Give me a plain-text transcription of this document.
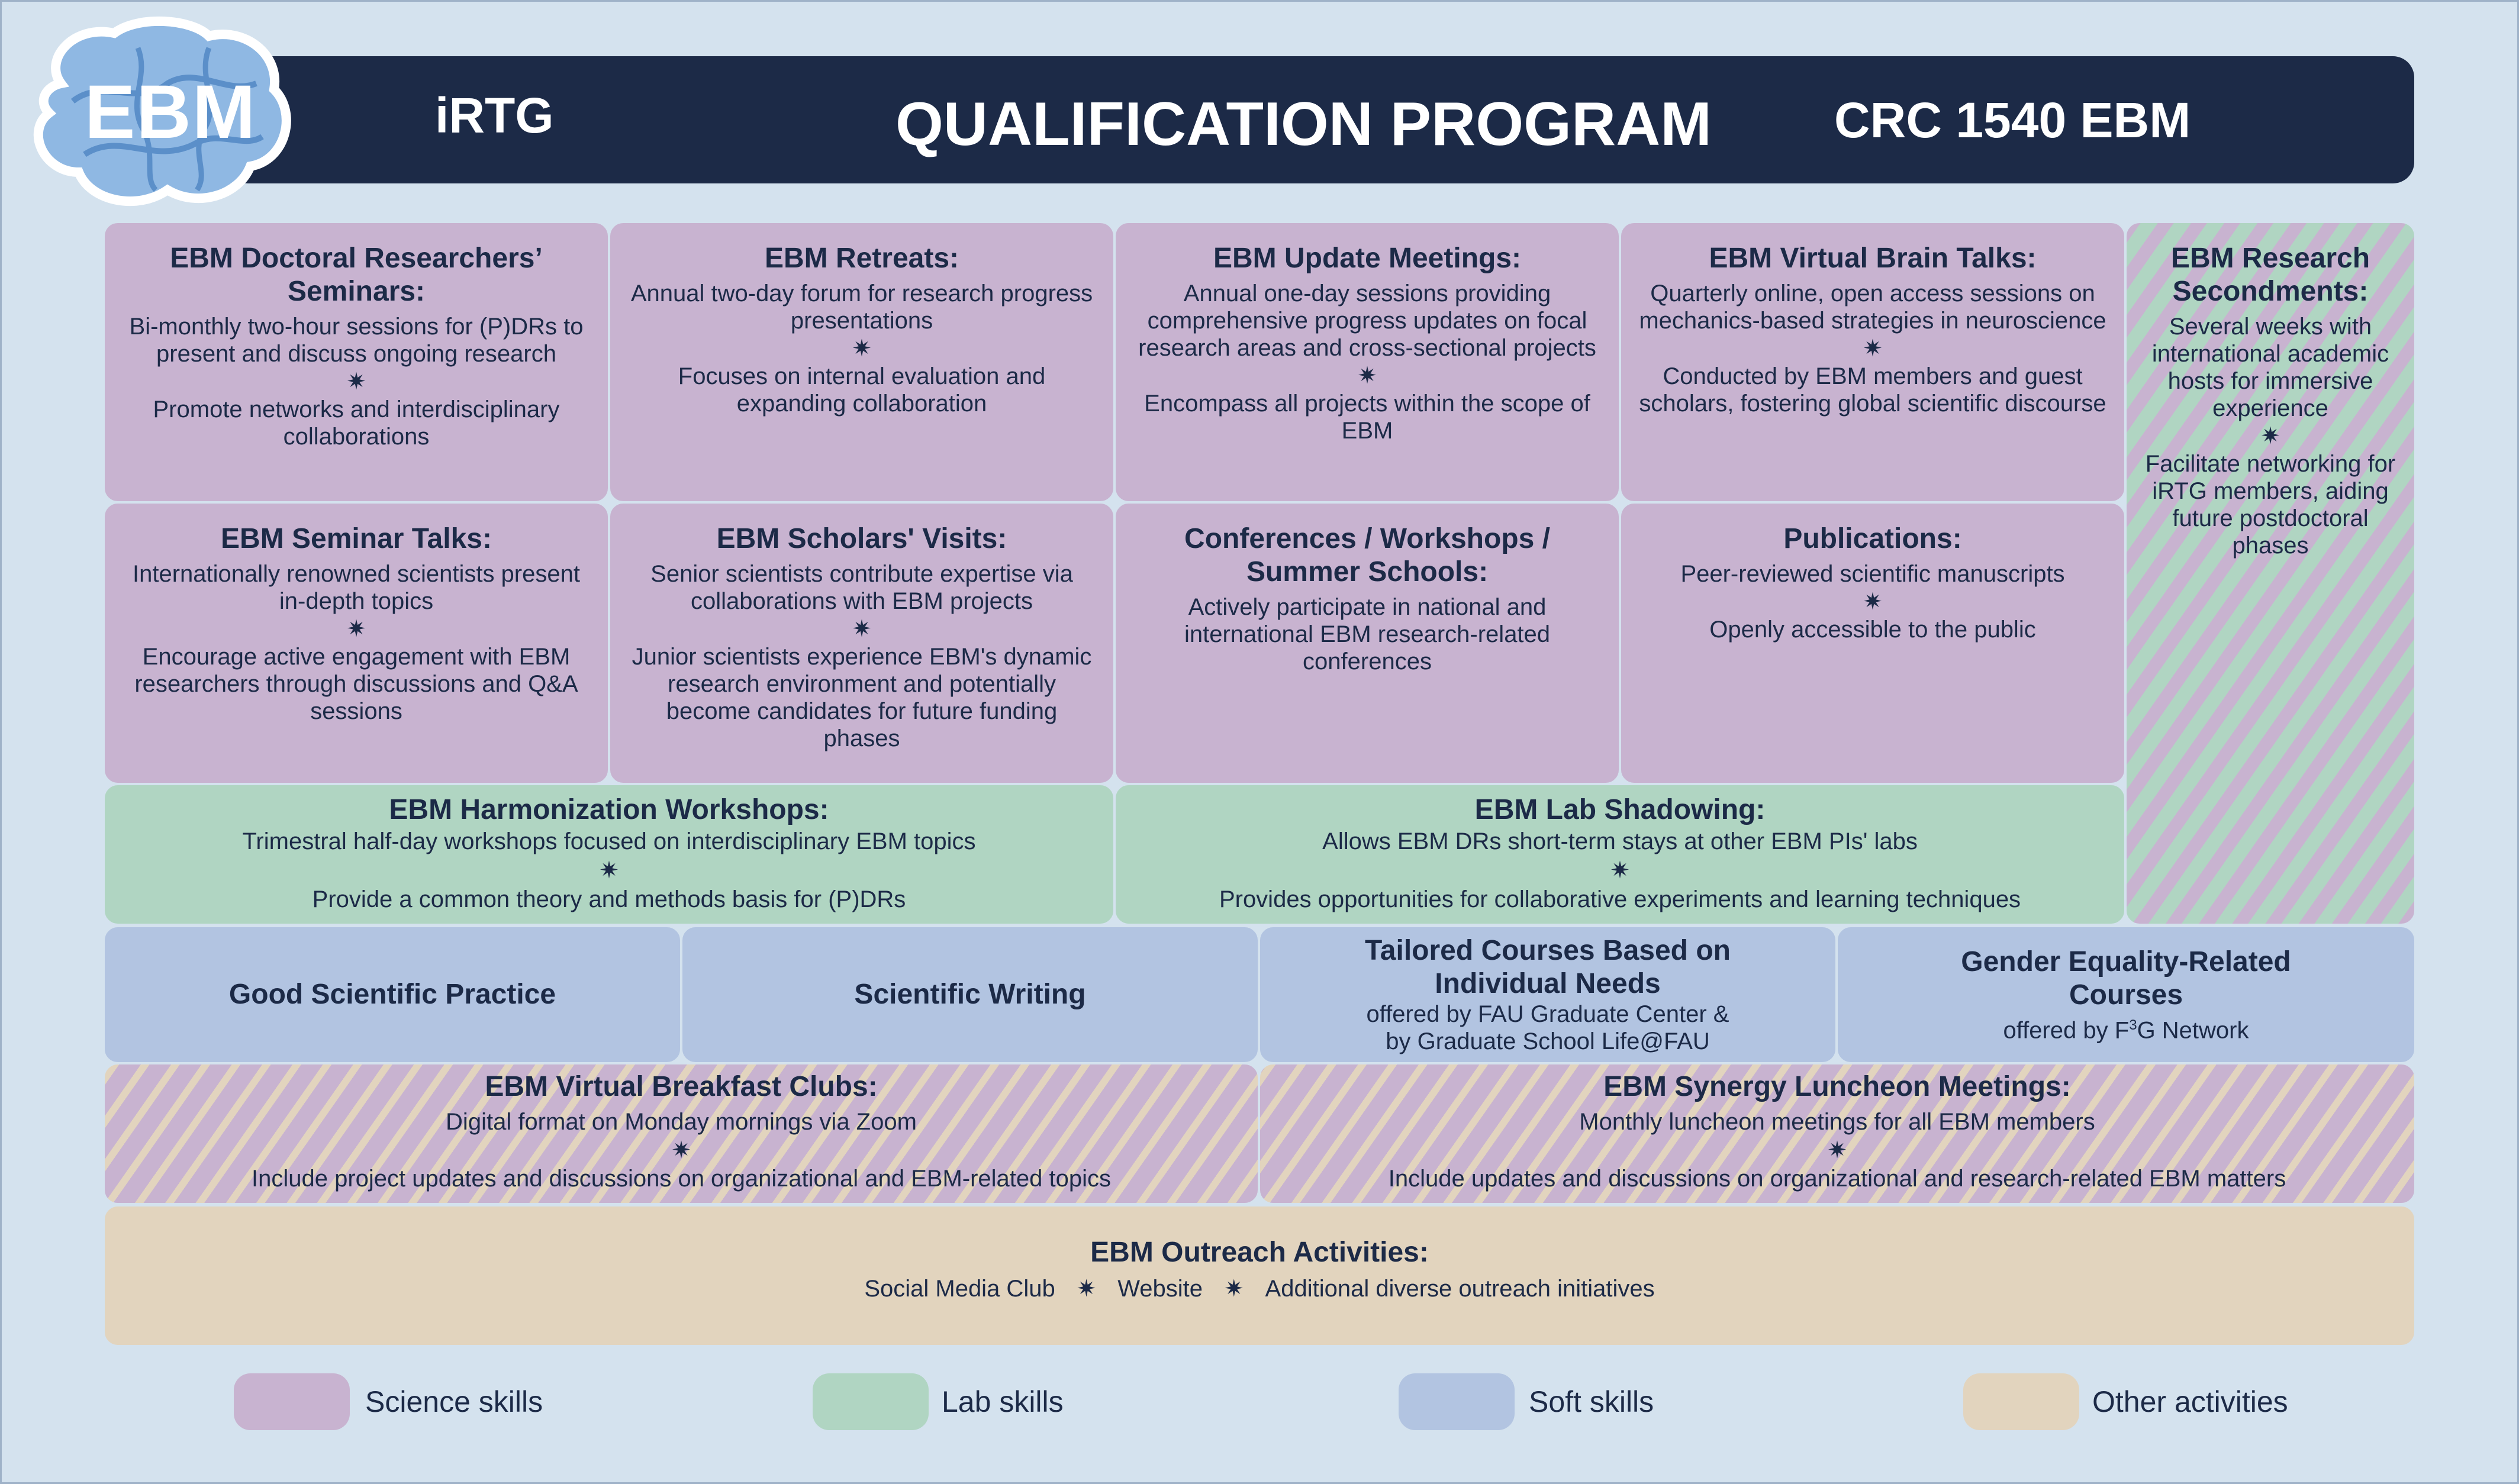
iRTG	QUALIFICATION PROGRAM CRC 1540 EBM
EBM
EBM Doctoral Researchers’ Seminars:
Bi-monthly two-hour sessions for (P)DRs to present and discuss ongoing research
✷
Promote networks and interdisciplinary collaborations
EBM Retreats:
Annual two-day forum for research progress presentations
✷
Focuses on internal evaluation and expanding collaboration
EBM Update Meetings:
Annual one-day sessions providing comprehensive progress updates on focal research areas and cross-sectional projects
✷
Encompass all projects within the scope of EBM
EBM Virtual Brain Talks:
Quarterly online, open access sessions on mechanics-based strategies in neuroscience
✷
Conducted by EBM members and guest scholars, fostering global scientific discourse
EBM Research Secondments:
Several weeks with international academic hosts for immersive experience
✷
Facilitate networking for iRTG members, aiding future postdoctoral phases
EBM Seminar Talks:
Internationally renowned scientists present in-depth topics
✷
Encourage active engagement with EBM researchers through discussions and Q&A sessions
EBM Scholars' Visits:
Senior scientists contribute expertise via collaborations with EBM projects
✷
Junior scientists experience EBM's dynamic research environment and potentially become candidates for future funding phases
Conferences / Workshops / Summer Schools:
Actively participate in national and international EBM research-related conferences
Publications:
Peer-reviewed scientific manuscripts
✷
Openly accessible to the public
EBM Harmonization Workshops:
Trimestral half-day workshops focused on interdisciplinary EBM topics
✷
Provide a common theory and methods basis for (P)DRs
EBM Lab Shadowing:
Allows EBM DRs short-term stays at other EBM PIs' labs
✷
Provides opportunities for collaborative experiments and learning techniques
Good Scientific Practice	Scientific Writing
Tailored Courses Based on Individual Needs
offered by FAU Graduate Center &
by Graduate School Life@FAU
Gender Equality-Related Courses
offered by $F^3G$ Network
EBM Virtual Breakfast Clubs:
Digital format on Monday mornings via Zoom
✷
Include project updates and discussions on organizational and EBM-related topics
EBM Synergy Luncheon Meetings:
Monthly luncheon meetings for all EBM members
✷
Include updates and discussions on organizational and research-related EBM matters
EBM Outreach Activities:
Social Media Club ✷ Website ✷ Additional diverse outreach initiatives
Science skills	Lab skills	Soft skills	Other activities
